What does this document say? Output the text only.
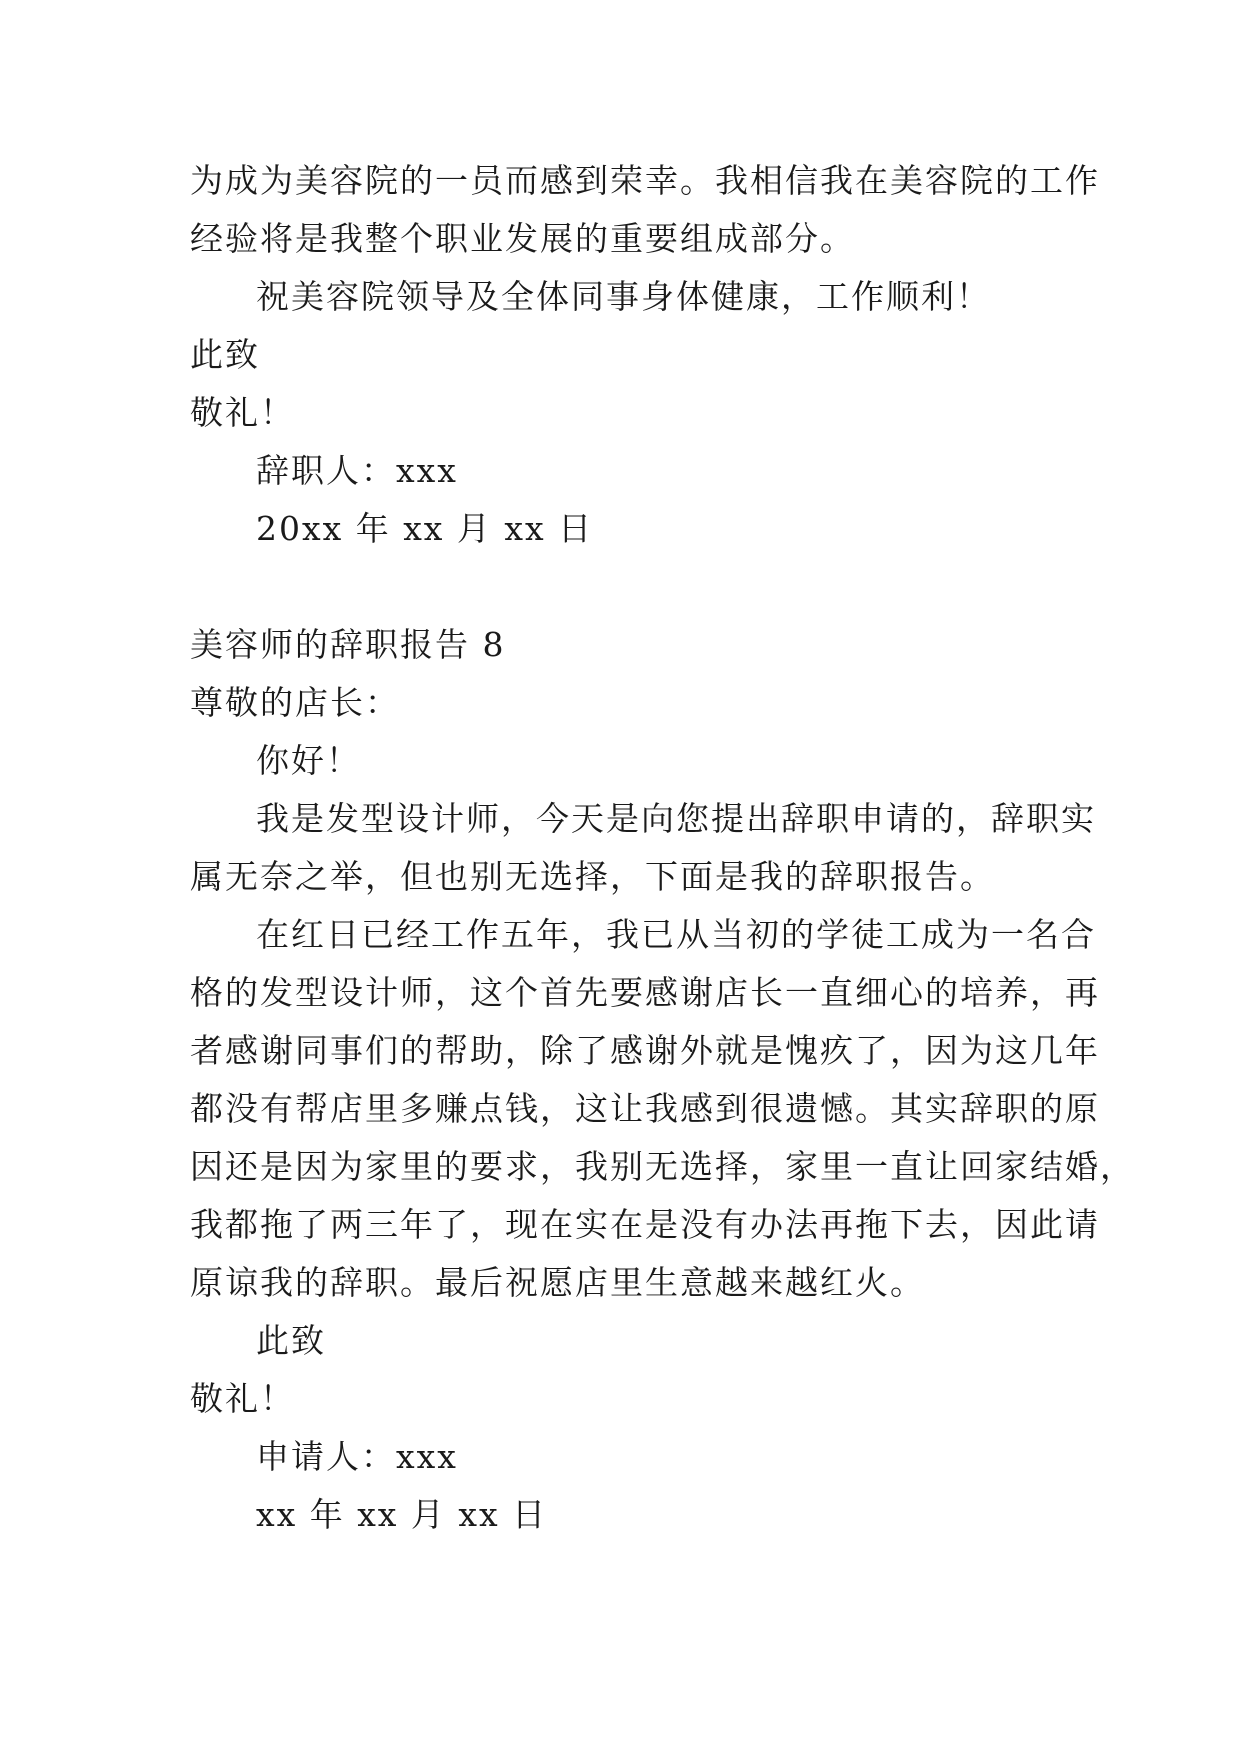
为成为美容院的一员而感到荣幸。我相信我在美容院的工作
经验将是我整个职业发展的重要组成部分。
祝美容院领导及全体同事身体健康，工作顺利！
此致
敬礼！
辞职人：xxx
20xx 年 xx 月 xx 日
美容师的辞职报告 8
尊敬的店长：
你好！
我是发型设计师，今天是向您提出辞职申请的，辞职实
属无奈之举，但也别无选择，下面是我的辞职报告。
在红日已经工作五年，我已从当初的学徒工成为一名合
格的发型设计师，这个首先要感谢店长一直细心的培养，再
者感谢同事们的帮助，除了感谢外就是愧疚了，因为这几年
都没有帮店里多赚点钱，这让我感到很遗憾。其实辞职的原
因还是因为家里的要求，我别无选择，家里一直让回家结婚，
我都拖了两三年了，现在实在是没有办法再拖下去，因此请
原谅我的辞职。最后祝愿店里生意越来越红火。
此致
敬礼！
申请人：xxx
xx 年 xx 月 xx 日
